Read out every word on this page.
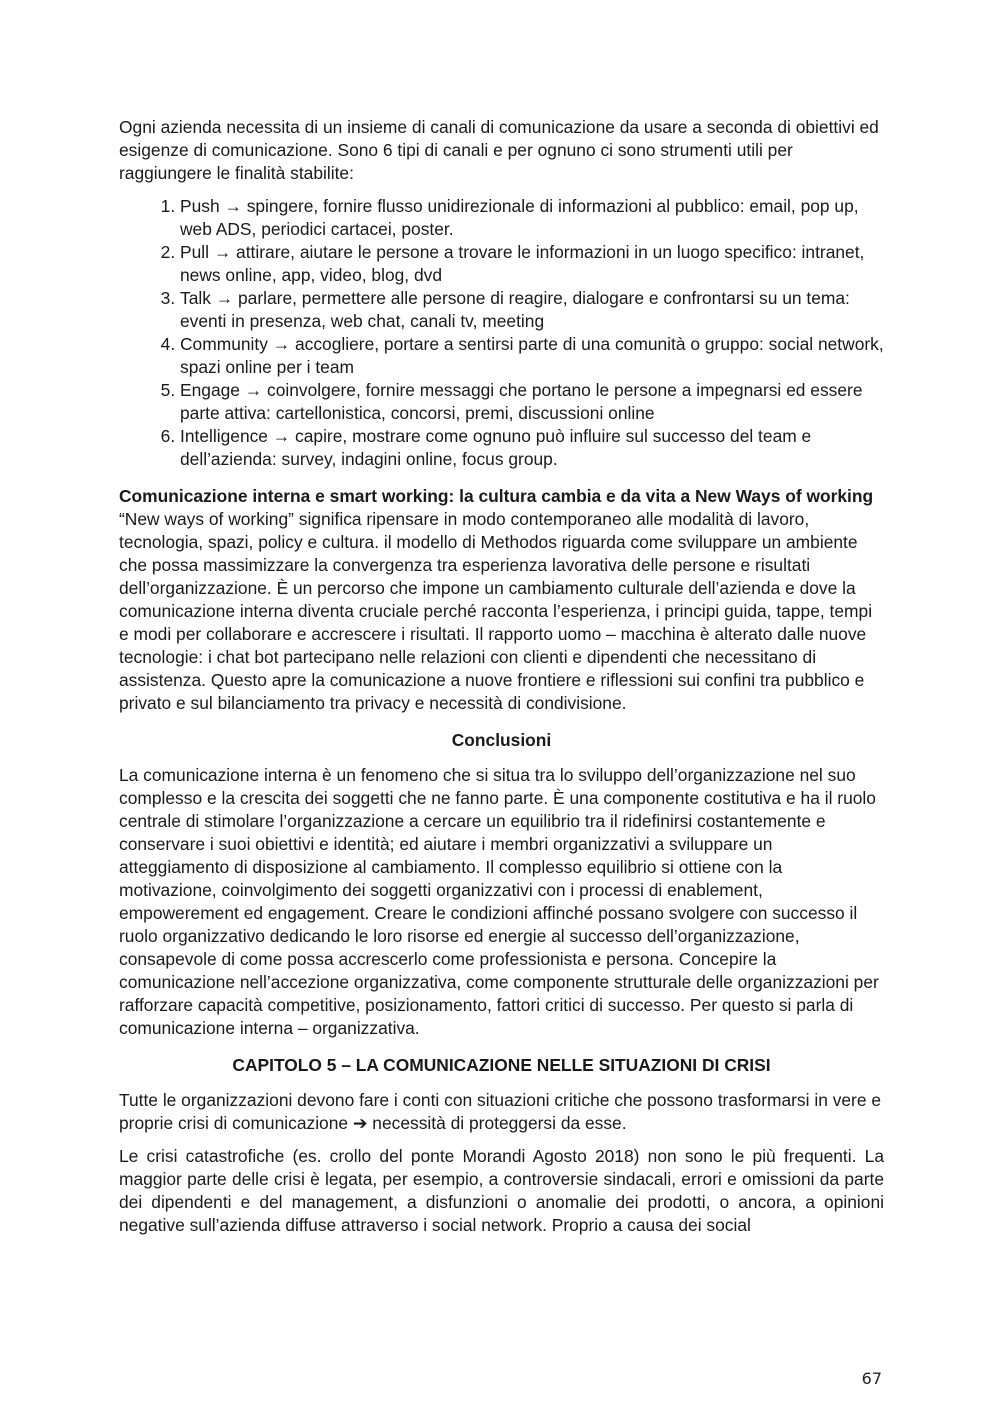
Ogni azienda necessita di un insieme di canali di comunicazione da usare a seconda di obiettivi ed esigenze di comunicazione. Sono 6 tipi di canali e per ognuno ci sono strumenti utili per raggiungere le finalità stabilite:

1. Push → spingere, fornire flusso unidirezionale di informazioni al pubblico: email, pop up, web ADS, periodici cartacei, poster.
2. Pull → attirare, aiutare le persone a trovare le informazioni in un luogo specifico: intranet, news online, app, video, blog, dvd
3. Talk → parlare, permettere alle persone di reagire, dialogare e confrontarsi su un tema: eventi in presenza, web chat, canali tv, meeting
4. Community → accogliere, portare a sentirsi parte di una comunità o gruppo: social network, spazi online per i team
5. Engage → coinvolgere, fornire messaggi che portano le persone a impegnarsi ed essere parte attiva: cartellonistica, concorsi, premi, discussioni online
6. Intelligence → capire, mostrare come ognuno può influire sul successo del team e dell’azienda: survey, indagini online, focus group.

Comunicazione interna e smart working: la cultura cambia e da vita a New Ways of working

“New ways of working” significa ripensare in modo contemporaneo alle modalità di lavoro, tecnologia, spazi, policy e cultura. il modello di Methodos riguarda come sviluppare un ambiente che possa massimizzare la convergenza tra esperienza lavorativa delle persone e risultati dell’organizzazione. È un percorso che impone un cambiamento culturale dell’azienda e dove la comunicazione interna diventa cruciale perché racconta l’esperienza, i principi guida, tappe, tempi e modi per collaborare e accrescere i risultati. Il rapporto uomo – macchina è alterato dalle nuove tecnologie: i chat bot partecipano nelle relazioni con clienti e dipendenti che necessitano di assistenza. Questo apre la comunicazione a nuove frontiere e riflessioni sui confini tra pubblico e privato e sul bilanciamento tra privacy e necessità di condivisione.

Conclusioni

La comunicazione interna è un fenomeno che si situa tra lo sviluppo dell’organizzazione nel suo complesso e la crescita dei soggetti che ne fanno parte. È una componente costitutiva e ha il ruolo centrale di stimolare l’organizzazione a cercare un equilibrio tra il ridefinirsi costantemente e conservare i suoi obiettivi e identità; ed aiutare i membri organizzativi a sviluppare un atteggiamento di disposizione al cambiamento. Il complesso equilibrio si ottiene con la motivazione, coinvolgimento dei soggetti organizzativi con i processi di enablement, empowerement ed engagement. Creare le condizioni affinché possano svolgere con successo il ruolo organizzativo dedicando le loro risorse ed energie al successo dell’organizzazione, consapevole di come possa accrescerlo come professionista e persona. Concepire la comunicazione nell’accezione organizzativa, come componente strutturale delle organizzazioni per rafforzare capacità competitive, posizionamento, fattori critici di successo. Per questo si parla di comunicazione interna – organizzativa.

CAPITOLO 5 – LA COMUNICAZIONE NELLE SITUAZIONI DI CRISI

Tutte le organizzazioni devono fare i conti con situazioni critiche che possono trasformarsi in vere e proprie crisi di comunicazione ➔ necessità di proteggersi da esse.

Le crisi catastrofiche (es. crollo del ponte Morandi Agosto 2018) non sono le più frequenti. La maggior parte delle crisi è legata, per esempio, a controversie sindacali, errori e omissioni da parte dei dipendenti e del management, a disfunzioni o anomalie dei prodotti, o ancora, a opinioni negative sull’azienda diffuse attraverso i social network. Proprio a causa dei social

67
